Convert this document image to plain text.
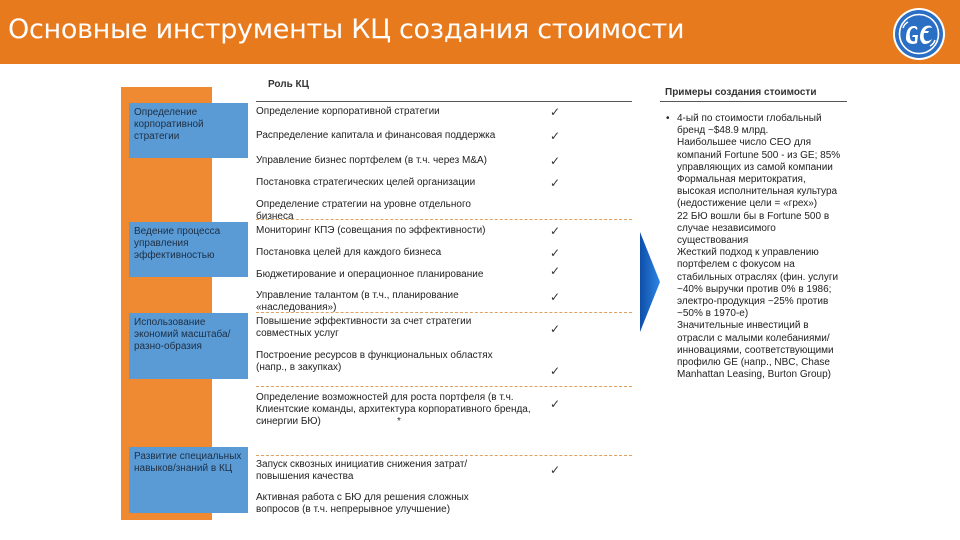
Основные инструменты КЦ создания стоимости
Роль КЦ
Примеры создания стоимости
Определение корпоративной стратегии
Ведение процесса управления эффективностью
Использование экономий масштаба/разно-образия
Развитие специальных навыков/знаний в КЦ
Определение корпоративной стратегии
Распределение капитала и финансовая поддержка
Управление бизнес портфелем (в т.ч. через M&A)
Постановка стратегических целей организации
Определение стратегии на уровне отдельного бизнеса
Мониторинг КПЭ (совещания по эффективности)
Постановка целей для каждого бизнеса
Бюджетирование и операционное планирование
Управление талантом (в т.ч., планирование «наследования»)
Повышение эффективности за счет стратегии совместных услуг
Построение ресурсов в функциональных областях (напр., в закупках)
Определение возможностей для роста портфеля (в т.ч. Клиентские команды, архитектура корпоративного бренда, синергии БЮ)	*
Запуск сквозных инициатив снижения затрат/повышения качества
Активная работа с БЮ для решения сложных вопросов (в т.ч. непрерывное улучшение)
✓
✓
✓
✓
✓
✓
✓
✓
✓
✓
✓
✓
• 4-ый по стоимости глобальный бренд ~$48.9 млрд.
Наибольшее число CEO для компаний Fortune 500 - из GE; 85% управляющих из самой компании
Формальная меритократия, высокая исполнительная культура (недостижение цели = «грех»)
22 БЮ вошли бы в Fortune 500 в случае независимого существования
Жесткий подход к управлению портфелем с фокусом на стабильных отраслях (фин. услуги ~40% выручки против 0% в 1986; электро-продукция ~25% против ~50% в 1970-е)
Значительные инвестиций в отрасли с малыми колебаниями/инновациями, соответствующими профилю GE (напр., NBC, Chase Manhattan Leasing, Burton Group)
